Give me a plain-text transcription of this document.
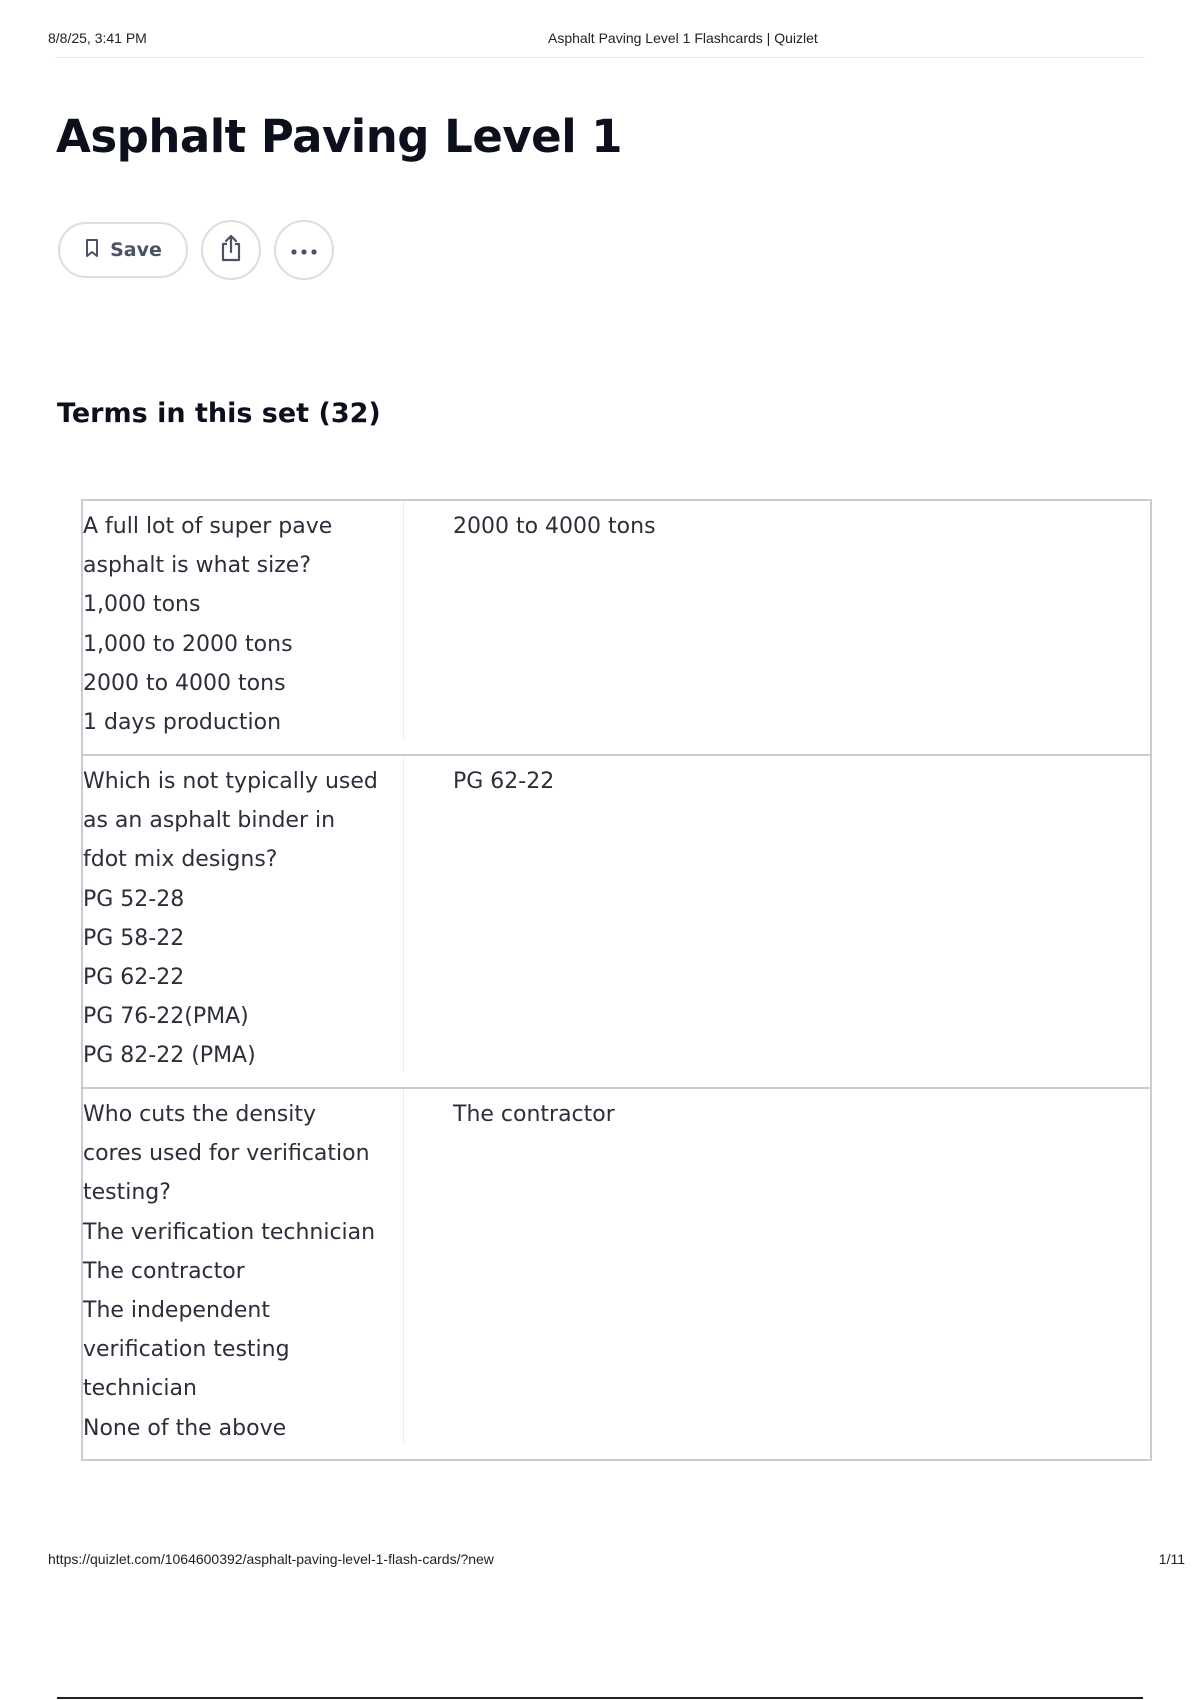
8/8/25, 3:41 PM	Asphalt Paving Level 1 Flashcards | Quizlet
Asphalt Paving Level 1
Save
Terms in this set (32)
A full lot of super pave
asphalt is what size?
1,000 tons
1,000 to 2000 tons
2000 to 4000 tons
1 days production
2000 to 4000 tons
Which is not typically used
as an asphalt binder in
fdot mix designs?
PG 52-28
PG 58-22
PG 62-22
PG 76-22(PMA)
PG 82-22 (PMA)
PG 62-22
Who cuts the density
cores used for verification
testing?
The verification technician
The contractor
The independent
verification testing
technician
None of the above
The contractor
https://quizlet.com/1064600392/asphalt-paving-level-1-flash-cards/?new	1/11
